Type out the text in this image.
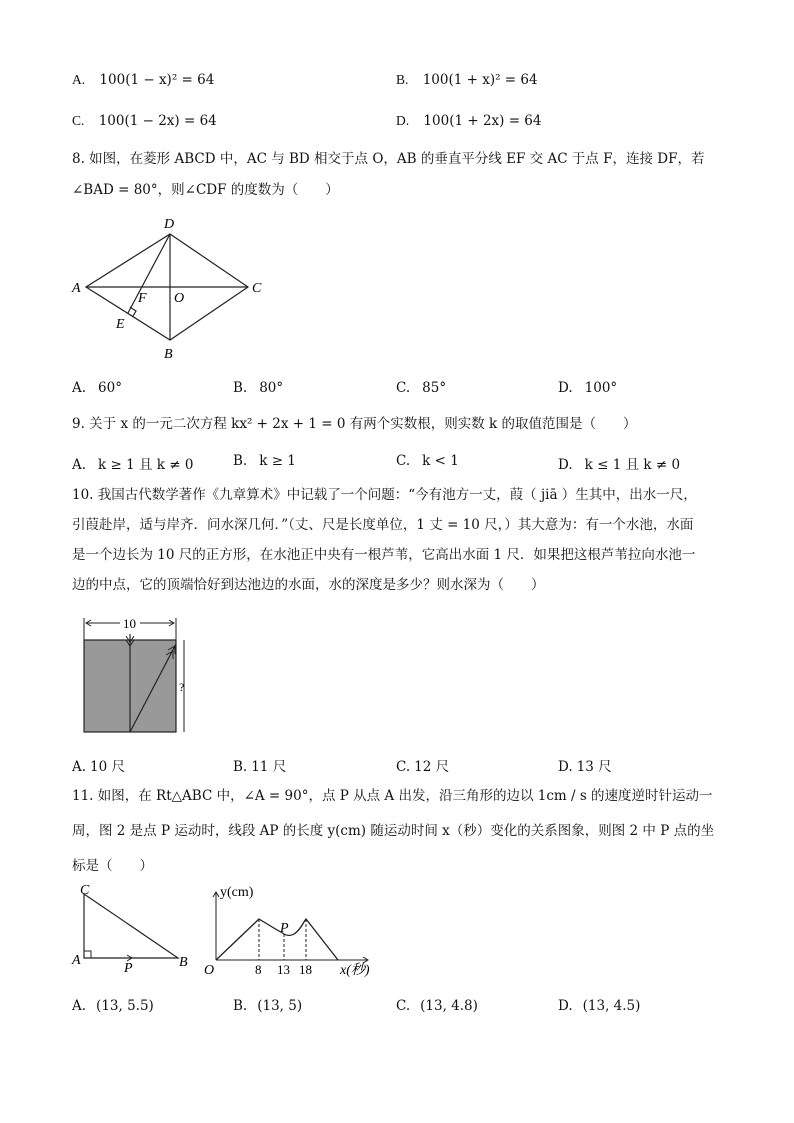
A. 100(1 − x)² = 64	B. 100(1 + x)² = 64
C. 100(1 − 2x) = 64	D. 100(1 + 2x) = 64
8. 如图，在菱形 ABCD 中，AC 与 BD 相交于点 O，AB 的垂直平分线 EF 交 AC 于点 F，连接 DF，若
∠BAD = 80°，则∠CDF 的度数为（　　）
D
A	C
B
O
F
E
A. 60°	B. 80°	C. 85°	D. 100°
9. 关于 x 的一元二次方程 kx² + 2x + 1 = 0 有两个实数根，则实数 k 的取值范围是（　　）
A. k ≥ 1 且 k ≠ 0	B. k ≥ 1	C. k < 1	D. k ≤ 1 且 k ≠ 0
10. 我国古代数学著作《九章算术》中记载了一个问题：“今有池方一丈，葭（ jiā ）生其中，出水一尺，
引葭赴岸，适与岸齐．问水深几何．”（丈、尺是长度单位，1 丈 = 10 尺，）其大意为：有一个水池，水面
是一个边长为 10 尺的正方形，在水池正中央有一根芦苇，它高出水面 1 尺．如果把这根芦苇拉向水池一
边的中点，它的顶端恰好到达池边的水面，水的深度是多少？则水深为（　　）
10
?
A. 10 尺	B. 11 尺	C. 12 尺	D. 13 尺
11. 如图，在 Rt△ABC 中，∠A = 90°，点 P 从点 A 出发，沿三角形的边以 1cm / s 的速度逆时针运动一
周，图 2 是点 P 运动时，线段 AP 的长度 y(cm) 随运动时间 x（秒）变化的关系图象，则图 2 中 P 点的坐
标是（　　）
C
A	B
P
y(cm)
x(秒)
O	8 13 18
P
A. (13, 5.5)	B. (13, 5)	C. (13, 4.8)	D. (13, 4.5)
